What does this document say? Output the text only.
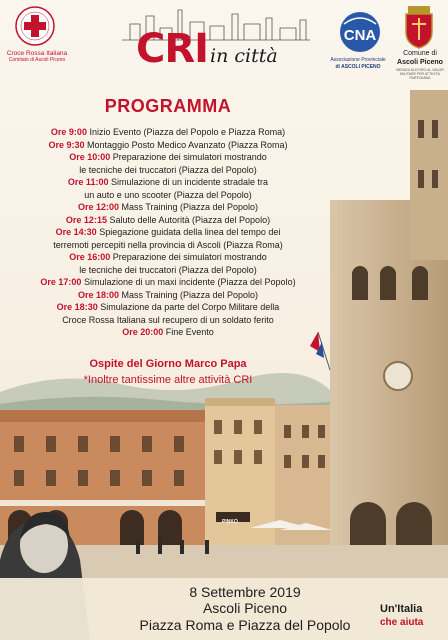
Croce Rossa Italiana
Comitato di Ascoli Piceno CRI in città
CNA
Associazione Provinciale
di ASCOLI PICENO
Comune di
Ascoli Piceno
MEDAGLIA D'ORO AL VALOR MILITARE PER ATTIVITÀ PARTIGIANA
PROGRAMMA
Ore 9:00 Inizio Evento (Piazza del Popolo e Piazza Roma)
Ore 9:30 Montaggio Posto Medico Avanzato (Piazza Roma)
Ore 10:00 Preparazione dei simulatori mostrando
le tecniche dei truccatori (Piazza del Popolo)
Ore 11:00 Simulazione di un incidente stradale tra
un auto e uno scooter (Piazza del Popolo)
Ore 12:00 Mass Training (Piazza del Popolo)
Ore 12:15 Saluto delle Autorità (Piazza del Popolo)
Ore 14:30 Spiegazione guidata della linea del tempo dei
terremoti percepiti nella provincia di Ascoli (Piazza Roma)
Ore 16:00 Preparazione dei simulatori mostrando
le tecniche dei truccatori (Piazza del Popolo)
Ore 17:00 Simulazione di un maxi incidente (Piazza del Popolo)
Ore 18:00 Mass Training (Piazza del Popolo)
Ore 18:30 Simulazione da parte del Corpo Militare della
Croce Rossa Italiana sul recupero di un soldato ferito
Ore 20:00 Fine Evento
Ospite del Giorno Marco Papa
*Inoltre tantissime altre attività CRI
PINKO
8 Settembre 2019
Ascoli Piceno
Piazza Roma e Piazza del Popolo
Un'Italia
che aiuta
